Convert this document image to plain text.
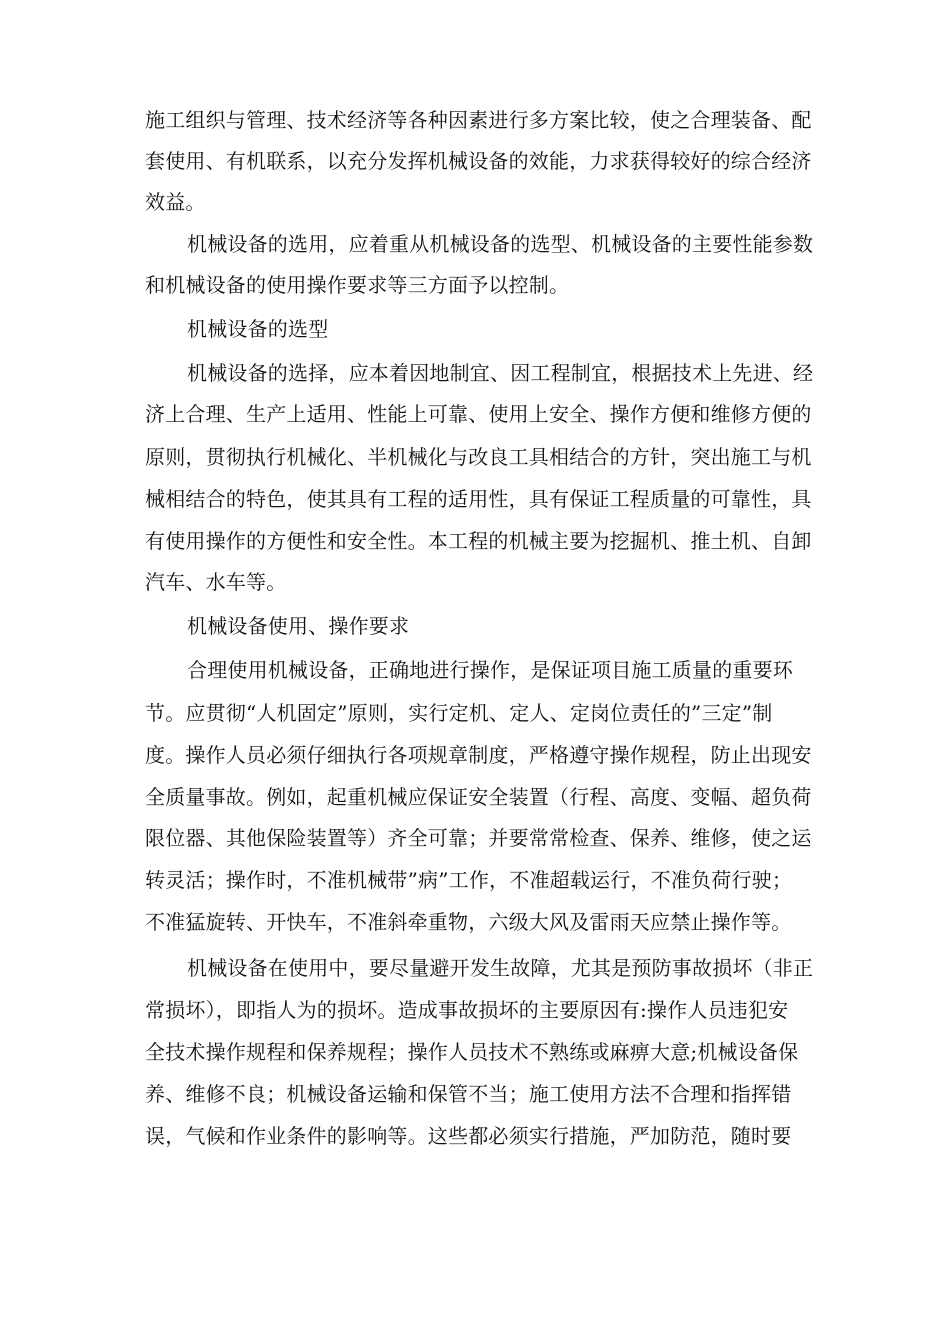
施工组织与管理、技术经济等各种因素进行多方案比较，使之合理装备、配
套使用、有机联系，以充分发挥机械设备的效能，力求获得较好的综合经济
效益。
机械设备的选用，应着重从机械设备的选型、机械设备的主要性能参数
和机械设备的使用操作要求等三方面予以控制。
机械设备的选型
机械设备的选择，应本着因地制宜、因工程制宜，根据技术上先进、经
济上合理、生产上适用、性能上可靠、使用上安全、操作方便和维修方便的
原则，贯彻执行机械化、半机械化与改良工具相结合的方针，突出施工与机
械相结合的特色，使其具有工程的适用性，具有保证工程质量的可靠性，具
有使用操作的方便性和安全性。本工程的机械主要为挖掘机、推土机、自卸
汽车、水车等。
机械设备使用、操作要求
合理使用机械设备，正确地进行操作，是保证项目施工质量的重要环
节。应贯彻“人机固定”原则，实行定机、定人、定岗位责任的”三定”制
度。操作人员必须仔细执行各项规章制度，严格遵守操作规程，防止出现安
全质量事故。例如，起重机械应保证安全装置（行程、高度、变幅、超负荷
限位器、其他保险装置等）齐全可靠；并要常常检查、保养、维修，使之运
转灵活；操作时，不准机械带”病”工作，不准超载运行，不准负荷行驶；
不准猛旋转、开快车，不准斜牵重物，六级大风及雷雨天应禁止操作等。
机械设备在使用中，要尽量避开发生故障，尤其是预防事故损坏（非正
常损坏），即指人为的损坏。造成事故损坏的主要原因有:操作人员违犯安
全技术操作规程和保养规程；操作人员技术不熟练或麻痹大意;机械设备保
养、维修不良；机械设备运输和保管不当；施工使用方法不合理和指挥错
误，气候和作业条件的影响等。这些都必须实行措施，严加防范，随时要
